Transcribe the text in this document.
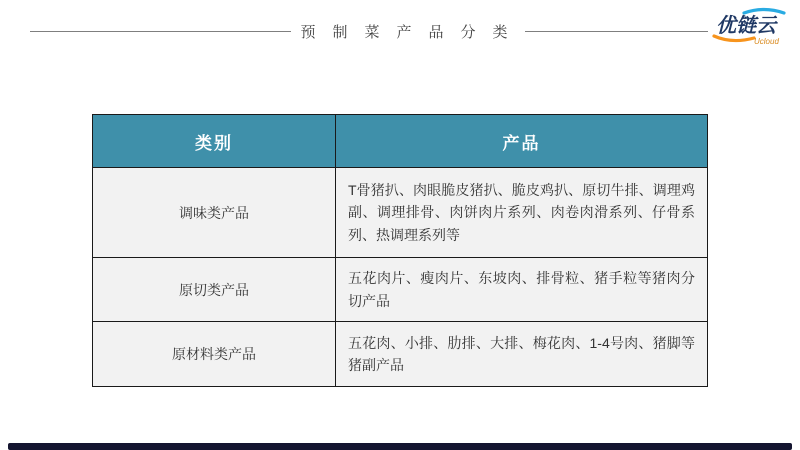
预制菜产品分类	优链云
Ucloud
类别	产品
调味类产品	T骨猪扒、肉眼脆皮猪扒、脆皮鸡扒、原切牛排、调理鸡副、调理排骨、肉饼肉片系列、肉卷肉滑系列、仔骨系列、热调理系列等
原切类产品	五花肉片、瘦肉片、东坡肉、排骨粒、猪手粒等猪肉分切产品
原材料类产品	五花肉、小排、肋排、大排、梅花肉、1-4号肉、猪脚等猪副产品
